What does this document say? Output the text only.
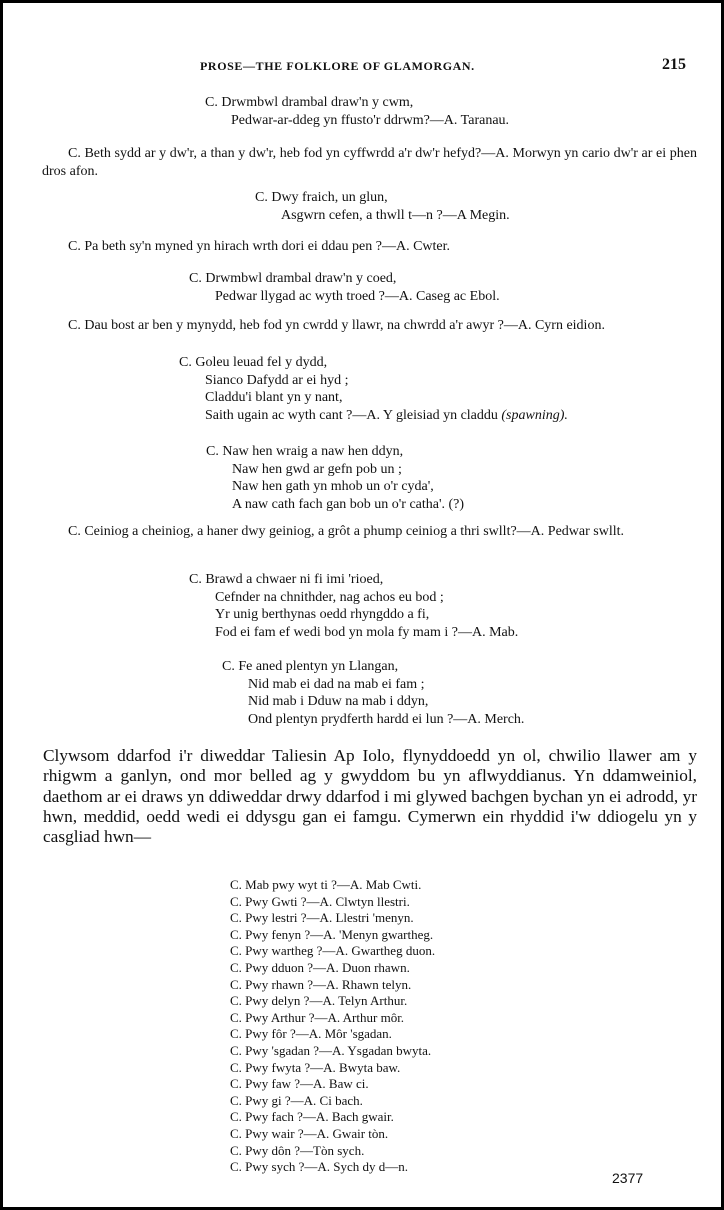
PROSE—THE FOLKLORE OF GLAMORGAN.	215
C. Drwmbwl drambal draw'n y cwm,
Pedwar-ar-ddeg yn ffusto'r ddrwm?—A. Taranau.
C. Beth sydd ar y dw'r, a than y dw'r, heb fod yn cyffwrdd a'r dw'r hefyd?—A. Morwyn yn cario dw'r ar ei phen dros afon.
C. Dwy fraich, un glun,
Asgwrn cefen, a thwll t—n ?—A Megin.
C. Pa beth sy'n myned yn hirach wrth dori ei ddau pen ?—A. Cwter.
C. Drwmbwl drambal draw'n y coed,
Pedwar llygad ac wyth troed ?—A. Caseg ac Ebol.
C. Dau bost ar ben y mynydd, heb fod yn cwrdd y llawr, na chwrdd a'r awyr ?—A. Cyrn eidion.
C. Goleu leuad fel y dydd,
Sianco Dafydd ar ei hyd ;
Claddu'i blant yn y nant,
Saith ugain ac wyth cant ?—A. Y gleisiad yn claddu (spawning).
C. Naw hen wraig a naw hen ddyn,
Naw hen gwd ar gefn pob un ;
Naw hen gath yn mhob un o'r cyda',
A naw cath fach gan bob un o'r catha'. (?)
C. Ceiniog a cheiniog, a haner dwy geiniog, a grôt a phump ceiniog a thri swllt?—A. Pedwar swllt.
C. Brawd a chwaer ni fi imi 'rioed,
Cefnder na chnithder, nag achos eu bod ;
Yr unig berthynas oedd rhyngddo a fi,
Fod ei fam ef wedi bod yn mola fy mam i ?—A. Mab.
C. Fe aned plentyn yn Llangan,
Nid mab ei dad na mab ei fam ;
Nid mab i Dduw na mab i ddyn,
Ond plentyn prydferth hardd ei lun ?—A. Merch.
Clywsom ddarfod i'r diweddar Taliesin Ap Iolo, flynyddoedd yn ol, chwilio llawer am y rhigwm a ganlyn, ond mor belled ag y gwyddom bu yn aflwyddianus. Yn ddamweiniol, daethom ar ei draws yn ddiweddar drwy ddarfod i mi glywed bachgen bychan yn ei adrodd, yr hwn, meddid, oedd wedi ei ddysgu gan ei famgu. Cymerwn ein rhyddid i'w ddiogelu yn y casgliad hwn—
C. Mab pwy wyt ti ?—A. Mab Cwti.
C. Pwy Gwti ?—A. Clwtyn llestri.
C. Pwy lestri ?—A. Llestri 'menyn.
C. Pwy fenyn ?—A. 'Menyn gwartheg.
C. Pwy wartheg ?—A. Gwartheg duon.
C. Pwy dduon ?—A. Duon rhawn.
C. Pwy rhawn ?—A. Rhawn telyn.
C. Pwy delyn ?—A. Telyn Arthur.
C. Pwy Arthur ?—A. Arthur môr.
C. Pwy fôr ?—A. Môr 'sgadan.
C. Pwy 'sgadan ?—A. Ysgadan bwyta.
C. Pwy fwyta ?—A. Bwyta baw.
C. Pwy faw ?—A. Baw ci.
C. Pwy gi ?—A. Ci bach.
C. Pwy fach ?—A. Bach gwair.
C. Pwy wair ?—A. Gwair tòn.
C. Pwy dôn ?—Tòn sych.
C. Pwy sych ?—A. Sych dy d—n.
2377
